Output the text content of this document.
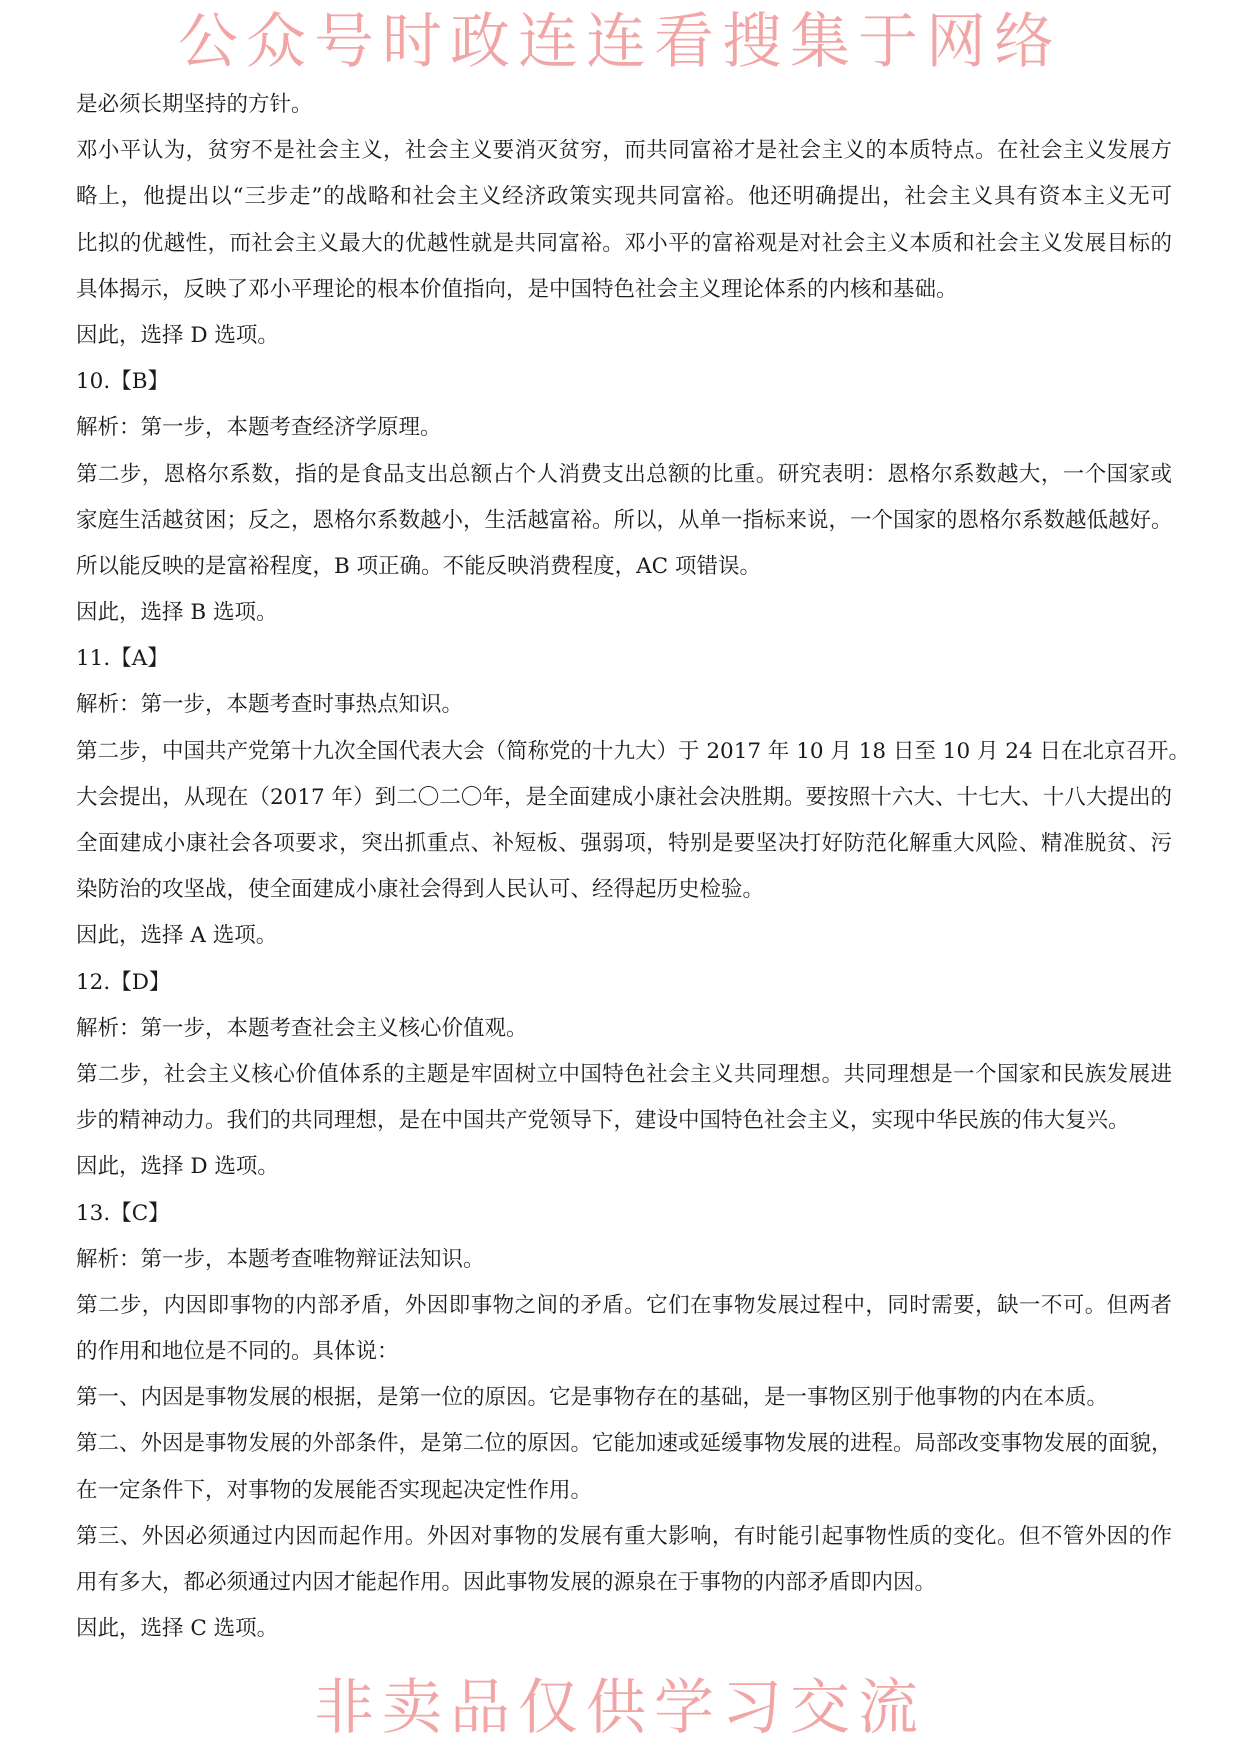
公众号时政连连看搜集于网络
是必须长期坚持的方针。
邓小平认为，贫穷不是社会主义，社会主义要消灭贫穷，而共同富裕才是社会主义的本质特点。在社会主义发展方
略上，他提出以“三步走”的战略和社会主义经济政策实现共同富裕。他还明确提出，社会主义具有资本主义无可
比拟的优越性，而社会主义最大的优越性就是共同富裕。邓小平的富裕观是对社会主义本质和社会主义发展目标的
具体揭示，反映了邓小平理论的根本价值指向，是中国特色社会主义理论体系的内核和基础。
因此，选择 D 选项。
10.【B】
解析：第一步，本题考查经济学原理。
第二步，恩格尔系数，指的是食品支出总额占个人消费支出总额的比重。研究表明：恩格尔系数越大，一个国家或
家庭生活越贫困；反之，恩格尔系数越小，生活越富裕。所以，从单一指标来说，一个国家的恩格尔系数越低越好。
所以能反映的是富裕程度，B 项正确。不能反映消费程度，AC 项错误。
因此，选择 B 选项。
11.【A】
解析：第一步，本题考查时事热点知识。
第二步，中国共产党第十九次全国代表大会（简称党的十九大）于 2017 年 10 月 18 日至 10 月 24 日在北京召开。
大会提出，从现在（2017 年）到二〇二〇年，是全面建成小康社会决胜期。要按照十六大、十七大、十八大提出的
全面建成小康社会各项要求，突出抓重点、补短板、强弱项，特别是要坚决打好防范化解重大风险、精准脱贫、污
染防治的攻坚战，使全面建成小康社会得到人民认可、经得起历史检验。
因此，选择 A 选项。
12.【D】
解析：第一步，本题考查社会主义核心价值观。
第二步，社会主义核心价值体系的主题是牢固树立中国特色社会主义共同理想。共同理想是一个国家和民族发展进
步的精神动力。我们的共同理想，是在中国共产党领导下，建设中国特色社会主义，实现中华民族的伟大复兴。
因此，选择 D 选项。
13.【C】
解析：第一步，本题考查唯物辩证法知识。
第二步，内因即事物的内部矛盾，外因即事物之间的矛盾。它们在事物发展过程中，同时需要，缺一不可。但两者
的作用和地位是不同的。具体说：
第一、内因是事物发展的根据，是第一位的原因。它是事物存在的基础，是一事物区别于他事物的内在本质。
第二、外因是事物发展的外部条件，是第二位的原因。它能加速或延缓事物发展的进程。局部改变事物发展的面貌，
在一定条件下，对事物的发展能否实现起决定性作用。
第三、外因必须通过内因而起作用。外因对事物的发展有重大影响，有时能引起事物性质的变化。但不管外因的作
用有多大，都必须通过内因才能起作用。因此事物发展的源泉在于事物的内部矛盾即内因。
因此，选择 C 选项。
非卖品仅供学习交流
